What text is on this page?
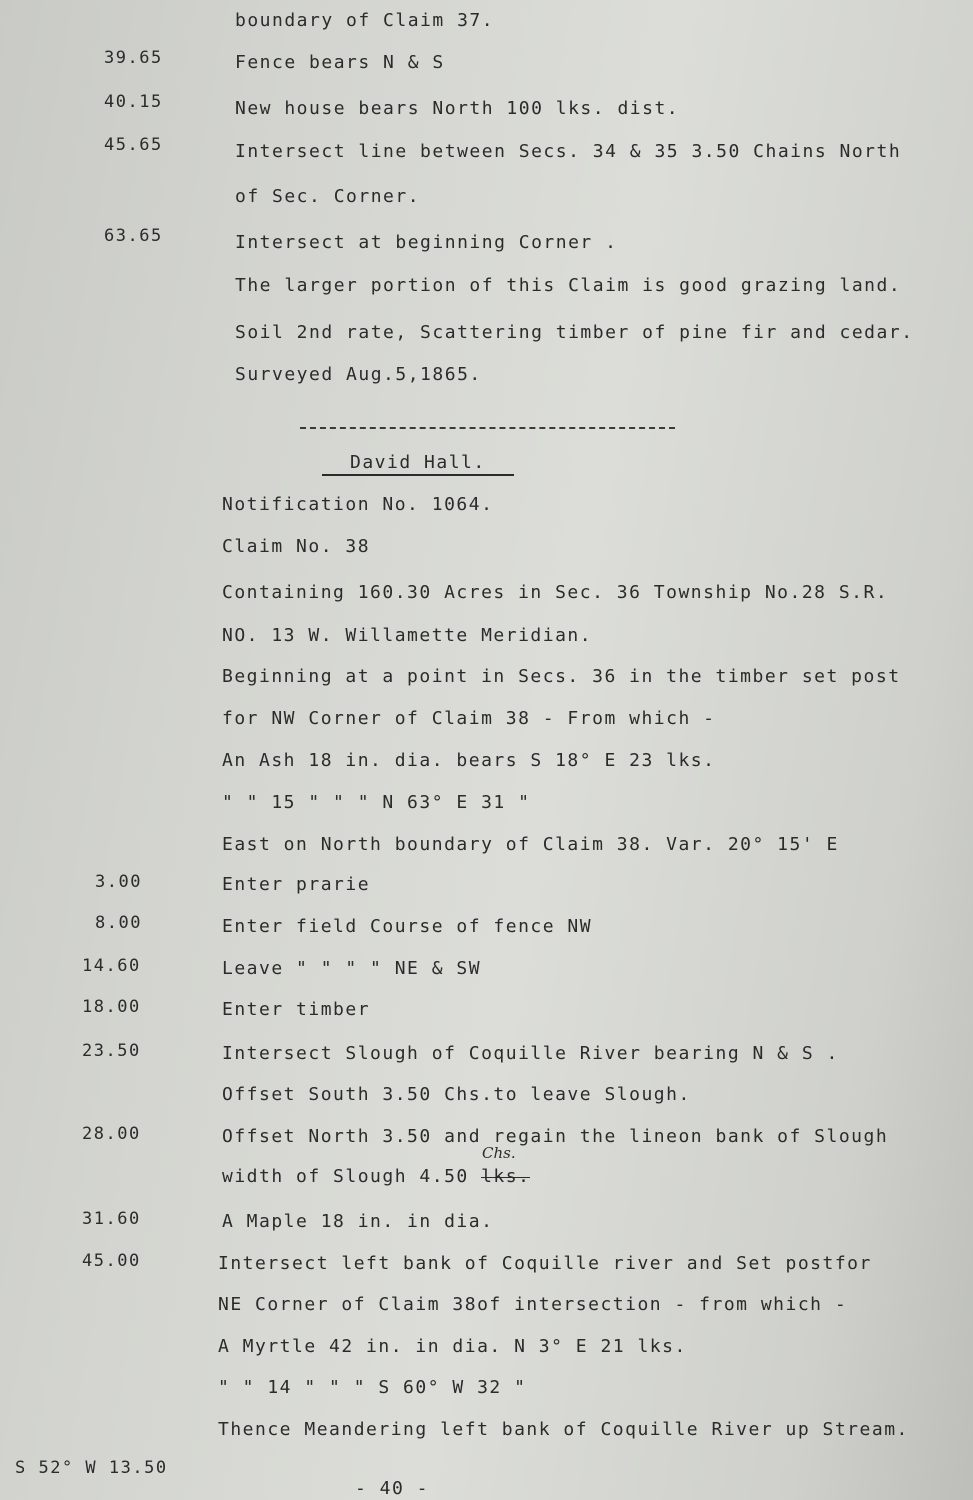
boundary of Claim 37.
39.65	Fence bears N & S
40.15	New house bears North 100 lks. dist.
45.65	Intersect line between Secs. 34 & 35 3.50 Chains North
of Sec. Corner.
63.65	Intersect at beginning Corner .
The larger portion of this Claim is good grazing land.
Soil 2nd rate, Scattering timber of pine fir and cedar.
Surveyed Aug.5,1865.
David Hall.
Notification No. 1064.
Claim No. 38
Containing 160.30 Acres in Sec. 36 Township No.28 S.R.
NO. 13 W. Willamette Meridian.
Beginning at a point in Secs. 36 in the timber set post
for NW Corner of Claim 38 - From which -
An Ash 18 in. dia. bears S 18° E 23 lks.
" " 15 " " " N 63° E 31 "
East on North boundary of Claim 38. Var. 20° 15' E
3.00	Enter prarie
8.00	Enter field Course of fence NW
14.60	Leave " " " " NE & SW
18.00	Enter timber
23.50	Intersect Slough of Coquille River bearing N & S .
Offset South 3.50 Chs.to leave Slough.
28.00	Offset North 3.50 and regain the lineon bank of Slough
width of Slough 4.50 lks.
Chs.
31.60	A Maple 18 in. in dia.
45.00	Intersect left bank of Coquille river and Set postfor
NE Corner of Claim 38of intersection - from which -
A Myrtle 42 in. in dia. N 3° E 21 lks.
" " 14 " " " S 60° W 32 "
Thence Meandering left bank of Coquille River up Stream.
S 52° W 13.50
- 40 -
